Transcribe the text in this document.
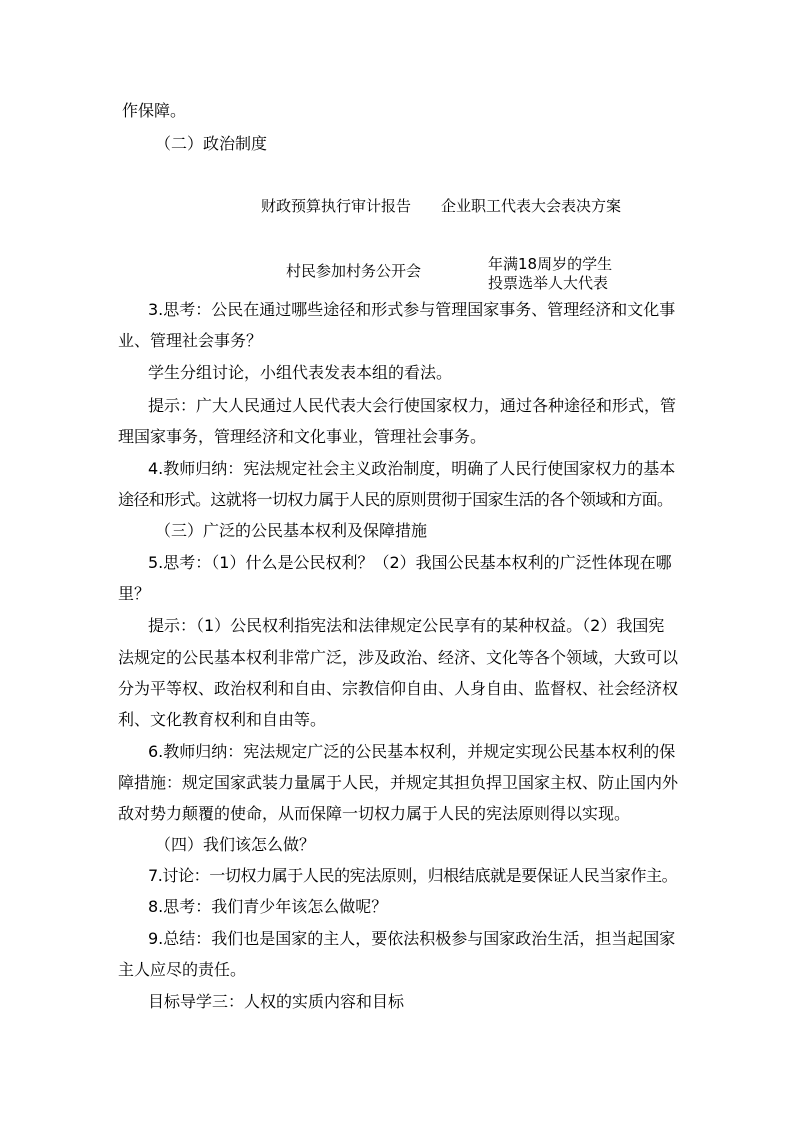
作保障。
（二）政治制度
财政预算执行审计报告 企业职工代表大会表决方案
村民参加村务公开会	年满18周岁的学生
投票选举人大代表
3.思考：公民在通过哪些途径和形式参与管理国家事务、管理经济和文化事
业、管理社会事务？
学生分组讨论，小组代表发表本组的看法。
提示：广大人民通过人民代表大会行使国家权力，通过各种途径和形式，管
理国家事务，管理经济和文化事业，管理社会事务。
4.教师归纳：宪法规定社会主义政治制度，明确了人民行使国家权力的基本
途径和形式。这就将一切权力属于人民的原则贯彻于国家生活的各个领域和方面。
（三）广泛的公民基本权利及保障措施
5.思考：（1）什么是公民权利？（2）我国公民基本权利的广泛性体现在哪
里？
提示：（1）公民权利指宪法和法律规定公民享有的某种权益。（2）我国宪
法规定的公民基本权利非常广泛，涉及政治、经济、文化等各个领域，大致可以
分为平等权、政治权利和自由、宗教信仰自由、人身自由、监督权、社会经济权
利、文化教育权利和自由等。
6.教师归纳：宪法规定广泛的公民基本权利，并规定实现公民基本权利的保
障措施：规定国家武装力量属于人民，并规定其担负捍卫国家主权、防止国内外
敌对势力颠覆的使命，从而保障一切权力属于人民的宪法原则得以实现。
（四）我们该怎么做？
7.讨论：一切权力属于人民的宪法原则，归根结底就是要保证人民当家作主。
8.思考：我们青少年该怎么做呢？
9.总结：我们也是国家的主人，要依法积极参与国家政治生活，担当起国家
主人应尽的责任。
目标导学三：人权的实质内容和目标
